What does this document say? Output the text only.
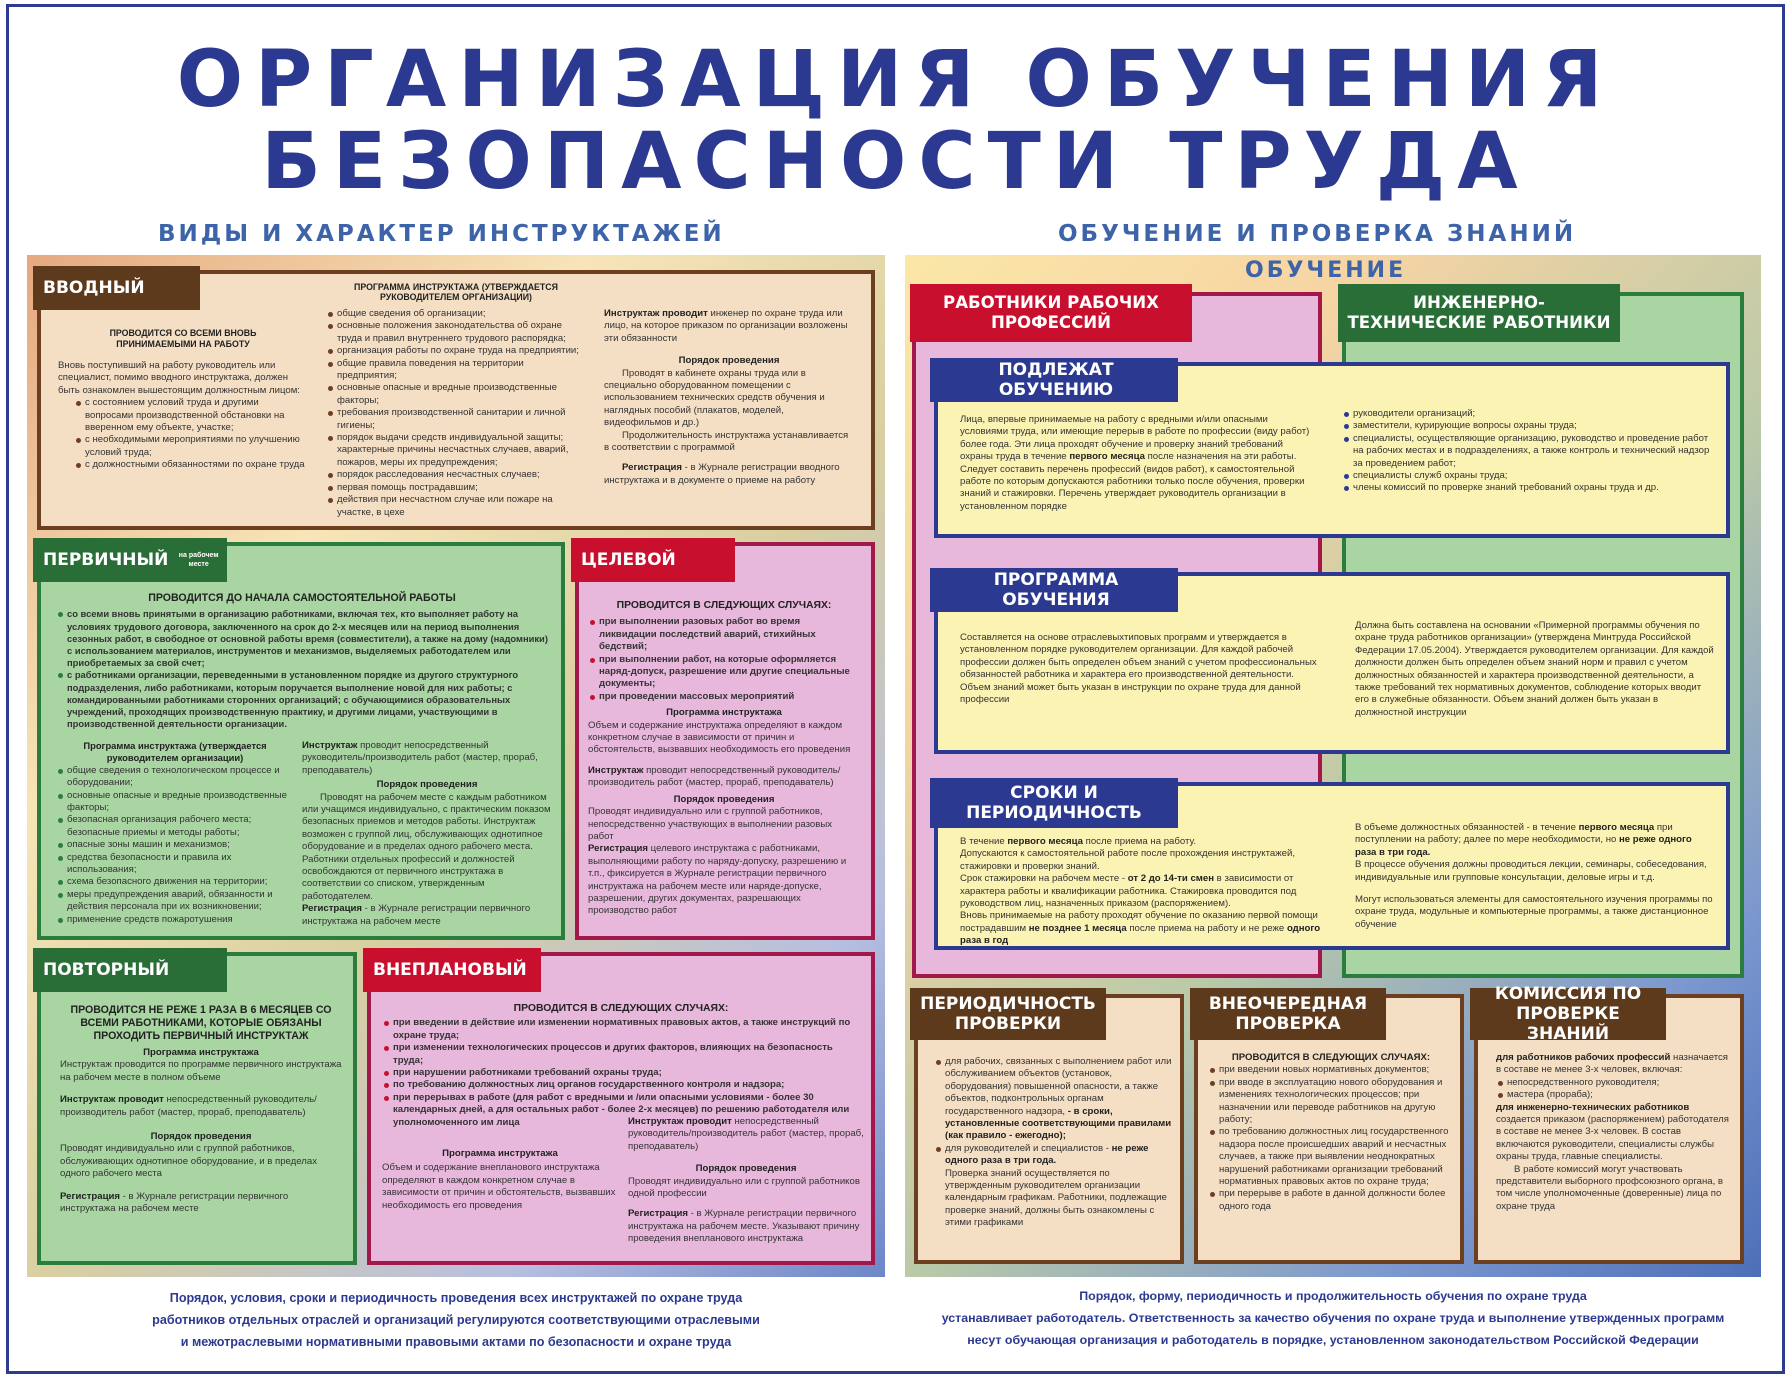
ОРГАНИЗАЦИЯ ОБУЧЕНИЯ
БЕЗОПАСНОСТИ ТРУДА
ВИДЫ И ХАРАКТЕР ИНСТРУКТАЖЕЙ	ОБУЧЕНИЕ И ПРОВЕРКА ЗНАНИЙ
ВВОДНЫЙ
ПРОВОДИТСЯ СО ВСЕМИ ВНОВЬ ПРИНИМАЕМЫМИ НА РАБОТУ
Вновь поступивший на работу руководитель или специалист, помимо вводного инструктажа, должен быть ознакомлен вышестоящим должностным лицом:
с состоянием условий труда и другими вопросами производственной обстановки на вверенном ему объекте, участке;
с необходимыми мероприятиями по улучшению условий труда;
с должностными обязанностями по охране труда
ПРОГРАММА ИНСТРУКТАЖА (УТВЕРЖДАЕТСЯ РУКОВОДИТЕЛЕМ ОРГАНИЗАЦИИ)
общие сведения об организации;
основные положения законодательства об охране труда и правил внутреннего трудового распорядка;
организация работы по охране труда на предприятии;
общие правила поведения на территории предприятия;
основные опасные и вредные производственные факторы;
требования производственной санитарии и личной гигиены;
порядок выдачи средств индивидуальной защиты; характерные причины несчастных случаев, аварий, пожаров, меры их предупреждения;
порядок расследования несчастных случаев;
первая помощь пострадавшим;
действия при несчастном случае или пожаре на участке, в цехе
Инструктаж проводит инженер по охране труда или лицо, на которое приказом по организации возложены эти обязанности
Порядок проведения
Проводят в кабинете охраны труда или в специально оборудованном помещении с использованием технических средств обучения и наглядных пособий (плакатов, моделей, видеофильмов и др.)
Продолжительность инструктажа устанавливается в соответствии с программой
Регистрация - в Журнале регистрации вводного инструктажа и в документе о приеме на работу
ПЕРВИЧНЫЙ	на рабочем месте
ПРОВОДИТСЯ ДО НАЧАЛА САМОСТОЯТЕЛЬНОЙ РАБОТЫ
со всеми вновь принятыми в организацию работниками, включая тех, кто выполняет работу на условиях трудового договора, заключенного на срок до 2-х месяцев или на период выполнения сезонных работ, в свободное от основной работы время (совместители), а также на дому (надомники) с использованием материалов, инструментов и механизмов, выделяемых работодателем или приобретаемых за свой счет;
с работниками организации, переведенными в установленном порядке из другого структурного подразделения, либо работниками, которым поручается выполнение новой для них работы; с командированными работниками сторонних организаций; с обучающимися образовательных учреждений, проходящих производственную практику, и другими лицами, участвующими в производственной деятельности организации.
Программа инструктажа (утверждается руководителем организации)
общие сведения о технологическом процессе и оборудовании;
основные опасные и вредные производственные факторы;
безопасная организация рабочего места; безопасные приемы и методы работы;
опасные зоны машин и механизмов;
средства безопасности и правила их использования;
схема безопасного движения на территории;
меры предупреждения аварий, обязанности и действия персонала при их возникновении;
применение средств пожаротушения
Инструктаж проводит непосредственный руководитель/производитель работ (мастер, прораб, преподаватель)
Порядок проведения
Проводят на рабочем месте с каждым работником или учащимся индивидуально, с практическим показом безопасных приемов и методов работы. Инструктаж возможен с группой лиц, обслуживающих однотипное оборудование и в пределах одного рабочего места. Работники отдельных профессий и должностей освобождаются от первичного инструктажа в соответствии со списком, утвержденным работодателем.
Регистрация - в Журнале регистрации первичного инструктажа на рабочем месте
ЦЕЛЕВОЙ
ПРОВОДИТСЯ В СЛЕДУЮЩИХ СЛУЧАЯХ:
при выполнении разовых работ во время ликвидации последствий аварий, стихийных бедствий;
при выполнении работ, на которые оформляется наряд-допуск, разрешение или другие специальные документы;
при проведении массовых мероприятий
Программа инструктажа
Объем и содержание инструктажа определяют в каждом конкретном случае в зависимости от причин и обстоятельств, вызвавших необходимость его проведения
Инструктаж проводит непосредственный руководитель/производитель работ (мастер, прораб, преподаватель)
Порядок проведения
Проводят индивидуально или с группой работников, непосредственно участвующих в выполнении разовых работ
Регистрация целевого инструктажа с работниками, выполняющими работу по наряду-допуску, разрешению и т.п., фиксируется в Журнале регистрации первичного инструктажа на рабочем месте или наряде-допуске, разрешении, других документах, разрешающих производство работ
ПОВТОРНЫЙ
ПРОВОДИТСЯ НЕ РЕЖЕ 1 РАЗА В 6 МЕСЯЦЕВ СО ВСЕМИ РАБОТНИКАМИ, КОТОРЫЕ ОБЯЗАНЫ ПРОХОДИТЬ ПЕРВИЧНЫЙ ИНСТРУКТАЖ
Программа инструктажа
Инструктаж проводится по программе первичного инструктажа на рабочем месте в полном объеме
Инструктаж проводит непосредственный руководитель/производитель работ (мастер, прораб, преподаватель)
Порядок проведения
Проводят индивидуально или с группой работников, обслуживающих однотипное оборудование, и в пределах одного рабочего места
Регистрация - в Журнале регистрации первичного инструктажа на рабочем месте
ВНЕПЛАНОВЫЙ
ПРОВОДИТСЯ В СЛЕДУЮЩИХ СЛУЧАЯХ:
при введении в действие или изменении нормативных правовых актов, а также инструкций по охране труда;
при изменении технологических процессов и других факторов, влияющих на безопасность труда;
при нарушении работниками требований охраны труда;
по требованию должностных лиц органов государственного контроля и надзора;
при перерывах в работе (для работ с вредными и /или опасными условиями - более 30 календарных дней, а для остальных работ - более 2-х месяцев) по решению работодателя или уполномоченного им лица
Программа инструктажа
Объем и содержание внепланового инструктажа определяют в каждом конкретном случае в зависимости от причин и обстоятельств, вызвавших необходимость его проведения
Инструктаж проводит непосредственный руководитель/производитель работ (мастер, прораб, преподаватель)
Порядок проведения
Проводят индивидуально или с группой работников одной профессии
Регистрация - в Журнале регистрации первичного инструктажа на рабочем месте. Указывают причину проведения внепланового инструктажа
Порядок, условия, сроки и периодичность проведения всех инструктажей по охране труда
работников отдельных отраслей и организаций регулируются соответствующими отраслевыми
и межотраслевыми нормативными правовыми актами по безопасности и охране труда
ОБУЧЕНИЕ
РАБОТНИКИ РАБОЧИХ ПРОФЕССИЙ
ИНЖЕНЕРНО-ТЕХНИЧЕСКИЕ РАБОТНИКИ
ПОДЛЕЖАТ ОБУЧЕНИЮ
Лица, впервые принимаемые на работу с вредными и/или опасными условиями труда, или имеющие перерыв в работе по профессии (виду работ) более года. Эти лица проходят обучение и проверку знаний требований охраны труда в течение первого месяца после назначения на эти работы. Следует составить перечень профессий (видов работ), к самостоятельной работе по которым допускаются работники только после обучения, проверки знаний и стажировки. Перечень утверждает руководитель организации в установленном порядке
руководители организаций;
заместители, курирующие вопросы охраны труда;
специалисты, осуществляющие организацию, руководство и проведение работ на рабочих местах и в подразделениях, а также контроль и технический надзор за проведением работ;
специалисты служб охраны труда;
члены комиссий по проверке знаний требований охраны труда и др.
ПРОГРАММА ОБУЧЕНИЯ
Составляется на основе отраслевыхтиповых программ и утверждается в установленном порядке руководителем организации. Для каждой рабочей профессии должен быть определен объем знаний с учетом профессиональных обязанностей работника и характера его производственной деятельности. Объем знаний может быть указан в инструкции по охране труда для данной профессии
Должна быть составлена на основании «Примерной программы обучения по охране труда работников организации» (утверждена Минтруда Российской Федерации 17.05.2004). Утверждается руководителем организации. Для каждой должности должен быть определен объем знаний норм и правил с учетом должностных обязанностей и характера производственной деятельности, а также требований тех нормативных документов, соблюдение которых вводит его в служебные обязанности. Объем знаний должен быть указан в должностной инструкции
СРОКИ И ПЕРИОДИЧНОСТЬ
В течение первого месяца после приема на работу.
Допускаются к самостоятельной работе после прохождения инструктажей, стажировки и проверки знаний.
Срок стажировки на рабочем месте - от 2 до 14-ти смен в зависимости от характера работы и квалификации работника. Стажировка проводится под руководством лиц, назначенных приказом (распоряжением).
Вновь принимаемые на работу проходят обучение по оказанию первой помощи пострадавшим не позднее 1 месяца после приема на работу и не реже одного раза в год
В объеме должностных обязанностей - в течение первого месяца при поступлении на работу; далее по мере необходимости, но не реже одного раза в три года.
В процессе обучения должны проводиться лекции, семинары, собеседования, индивидуальные или групповые консультации, деловые игры и т.д.
Могут использоваться элементы для самостоятельного изучения программы по охране труда, модульные и компьютерные программы, а также дистанционное обучение
ПЕРИОДИЧНОСТЬ ПРОВЕРКИ
для рабочих, связанных с выполнением работ или обслуживанием объектов (установок, оборудования) повышенной опасности, а также объектов, подконтрольных органам государственного надзора, - в сроки, установленные соответствующими правилами (как правило - ежегодно);
для руководителей и специалистов - не реже одного раза в три года.
Проверка знаний осуществляется по утвержденным руководителем организации календарным графикам. Работники, подлежащие проверке знаний, должны быть ознакомлены с этими графиками
ВНЕОЧЕРЕДНАЯ ПРОВЕРКА
ПРОВОДИТСЯ В СЛЕДУЮЩИХ СЛУЧАЯХ:
при введении новых нормативных документов;
при вводе в эксплуатацию нового оборудования и изменениях технологических процессов; при назначении или переводе работников на другую работу;
по требованию должностных лиц государственного надзора после происшедших аварий и несчастных случаев, а также при выявлении неоднократных нарушений работниками организации требований нормативных правовых актов по охране труда;
при перерыве в работе в данной должности более одного года
КОМИССИЯ ПО ПРОВЕРКЕ ЗНАНИЙ
для работников рабочих профессий назначается в составе не менее 3-х человек, включая:
непосредственного руководителя;
мастера (прораба);
для инженерно-технических работников создается приказом (распоряжением) работодателя в составе не менее 3-х человек. В состав включаются руководители, специалисты службы охраны труда, главные специалисты.
В работе комиссий могут участвовать представители выборного профсоюзного органа, в том числе уполномоченные (доверенные) лица по охране труда
Порядок, форму, периодичность и продолжительность обучения по охране труда
устанавливает работодатель. Ответственность за качество обучения по охране труда и выполнение утвержденных программ
несут обучающая организация и работодатель в порядке, установленном законодательством Российской Федерации
